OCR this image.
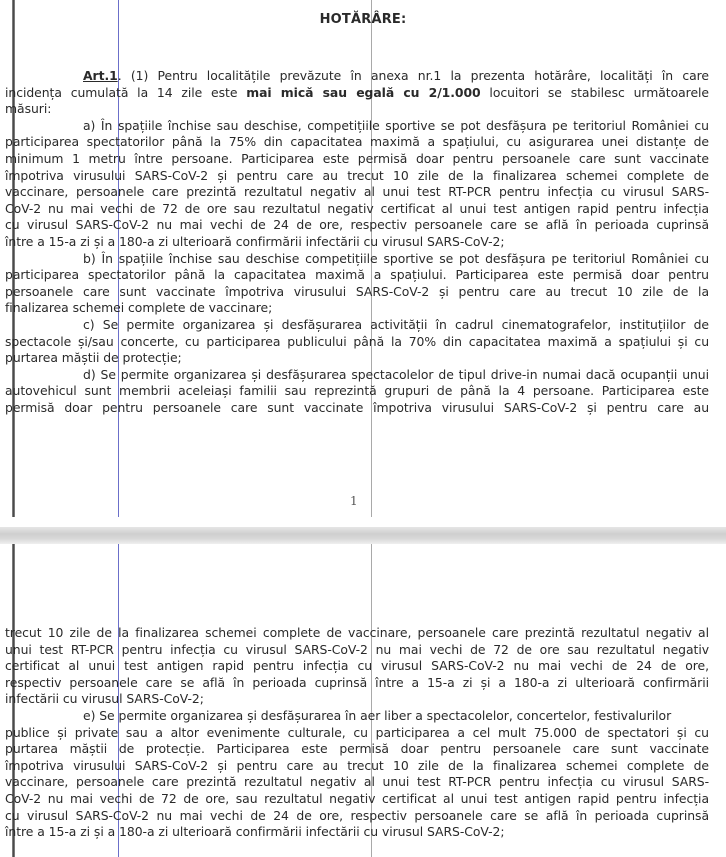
HOTĂRÂRE:
Art.1. (1) Pentru localitățile prevăzute în anexa nr.1 la prezenta hotărâre, localități în care
incidența cumulată la 14 zile este mai mică sau egală cu 2/1.000 locuitori se stabilesc următoarele
măsuri:
a) În spațiile închise sau deschise, competițiile sportive se pot desfășura pe teritoriul României cu
participarea spectatorilor până la 75% din capacitatea maximă a spațiului, cu asigurarea unei distanțe de
minimum 1 metru între persoane. Participarea este permisă doar pentru persoanele care sunt vaccinate
împotriva virusului SARS-CoV-2 și pentru care au trecut 10 zile de la finalizarea schemei complete de
vaccinare, persoanele care prezintă rezultatul negativ al unui test RT-PCR pentru infecția cu virusul SARS-
CoV-2 nu mai vechi de 72 de ore sau rezultatul negativ certificat al unui test antigen rapid pentru infecția
cu virusul SARS-CoV-2 nu mai vechi de 24 de ore, respectiv persoanele care se află în perioada cuprinsă
între a 15-a zi și a 180-a zi ulterioară confirmării infectării cu virusul SARS-CoV-2;
b) În spațiile închise sau deschise competițiile sportive se pot desfășura pe teritoriul României cu
participarea spectatorilor până la capacitatea maximă a spațiului. Participarea este permisă doar pentru
persoanele care sunt vaccinate împotriva virusului SARS-CoV-2 și pentru care au trecut 10 zile de la
finalizarea schemei complete de vaccinare;
c) Se permite organizarea și desfășurarea activității în cadrul cinematografelor, instituțiilor de
spectacole și/sau concerte, cu participarea publicului până la 70% din capacitatea maximă a spațiului și cu
purtarea măștii de protecție;
d) Se permite organizarea și desfășurarea spectacolelor de tipul drive-in numai dacă ocupanții unui
autovehicul sunt membrii aceleiași familii sau reprezintă grupuri de până la 4 persoane. Participarea este
permisă doar pentru persoanele care sunt vaccinate împotriva virusului SARS-CoV-2 și pentru care au
1
trecut 10 zile de la finalizarea schemei complete de vaccinare, persoanele care prezintă rezultatul negativ al
unui test RT-PCR pentru infecția cu virusul SARS-CoV-2 nu mai vechi de 72 de ore sau rezultatul negativ
certificat al unui test antigen rapid pentru infecția cu virusul SARS-CoV-2 nu mai vechi de 24 de ore,
respectiv persoanele care se află în perioada cuprinsă între a 15-a zi și a 180-a zi ulterioară confirmării
infectării cu virusul SARS-CoV-2;
e) Se permite organizarea și desfășurarea în aer liber a spectacolelor, concertelor, festivalurilor
publice și private sau a altor evenimente culturale, cu participarea a cel mult 75.000 de spectatori și cu
purtarea măștii de protecție. Participarea este permisă doar pentru persoanele care sunt vaccinate
împotriva virusului SARS-CoV-2 și pentru care au trecut 10 zile de la finalizarea schemei complete de
vaccinare, persoanele care prezintă rezultatul negativ al unui test RT-PCR pentru infecția cu virusul SARS-
CoV-2 nu mai vechi de 72 de ore, sau rezultatul negativ certificat al unui test antigen rapid pentru infecția
cu virusul SARS-CoV-2 nu mai vechi de 24 de ore, respectiv persoanele care se află în perioada cuprinsă
între a 15-a zi și a 180-a zi ulterioară confirmării infectării cu virusul SARS-CoV-2;
